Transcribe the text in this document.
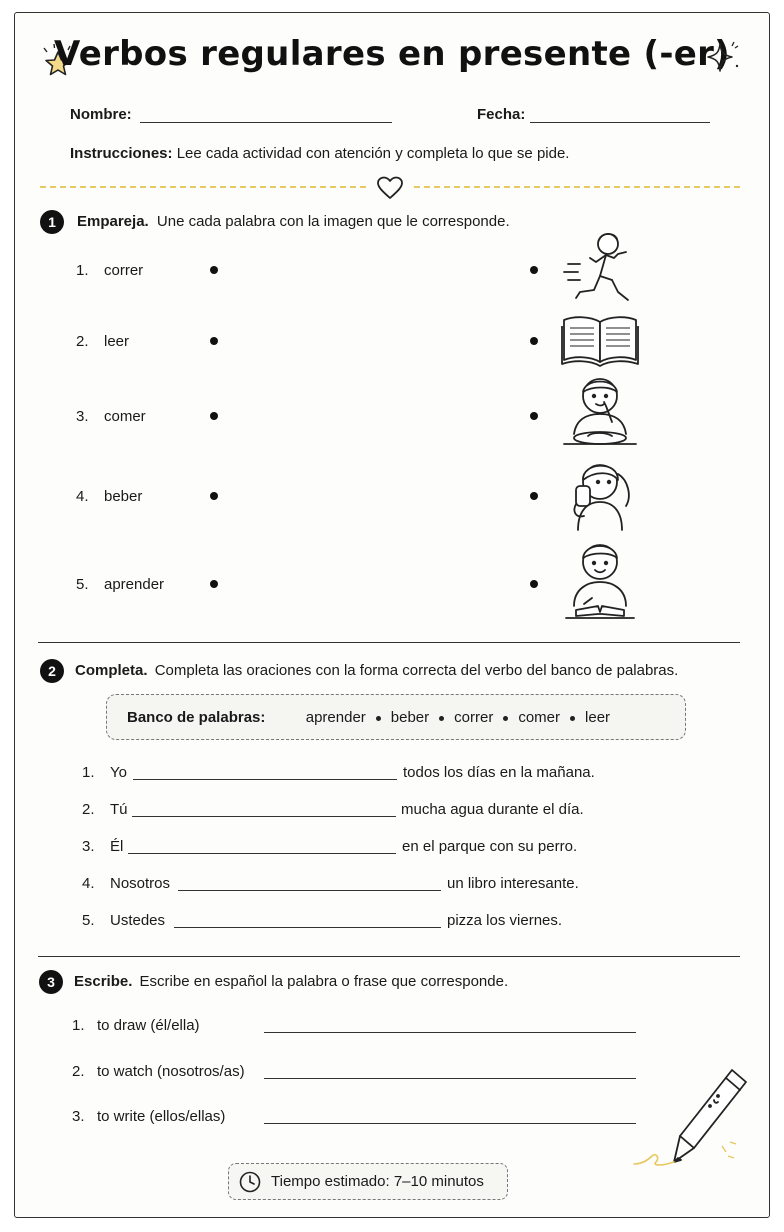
Verbos regulares en presente (-er)
Nombre:	Fecha:
Instrucciones: Lee cada actividad con atención y completa lo que se pide.
1	Empareja. Une cada palabra con la imagen que le corresponde.
1. correr
2. leer
3. comer
4. beber
5. aprender
2	Completa. Completa las oraciones con la forma correcta del verbo del banco de palabras.
Banco de palabras:	aprender beber correr comer leer
1. Yo	todos los días en la mañana.
2. Tú	mucha agua durante el día.
3. Él	en el parque con su perro.
4. Nosotros	un libro interesante.
5. Ustedes	pizza los viernes.
3	Escribe. Escribe en español la palabra o frase que corresponde.
1. to draw (él/ella)
2. to watch (nosotros/as)
3. to write (ellos/ellas)
Tiempo estimado: 7–10 minutos
